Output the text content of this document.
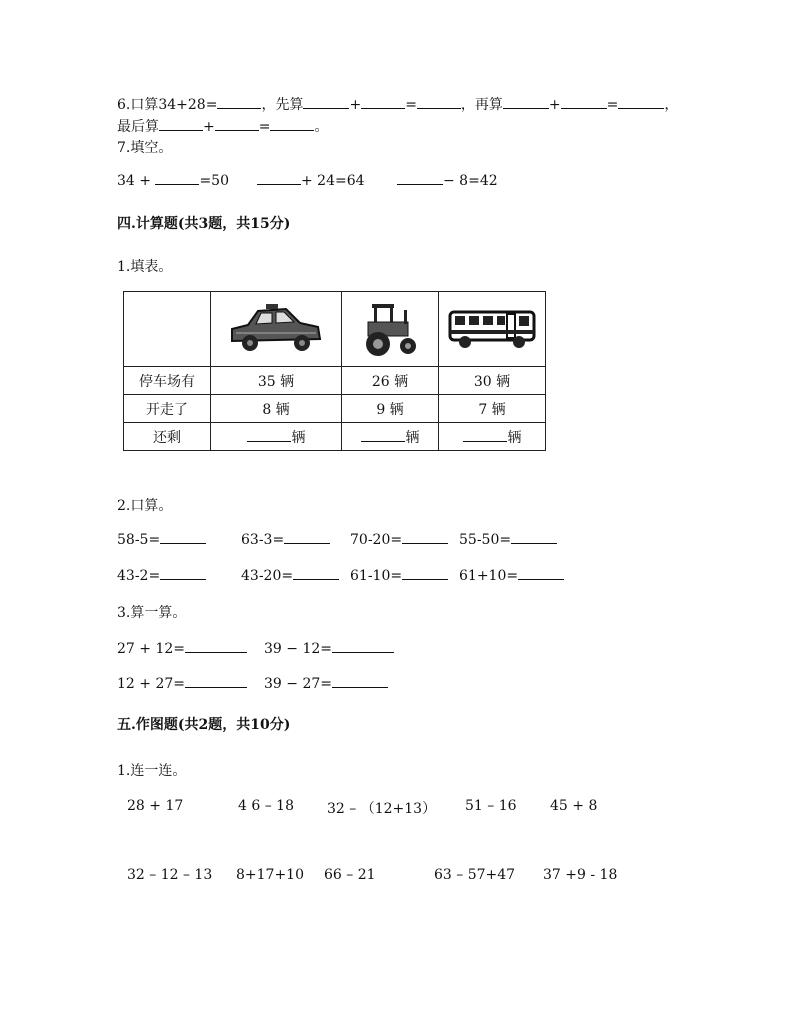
6.口算34+28=	，先算	+	=	，再算	+	=	，
最后算	+	=	。
7.填空。
34 +	=50	+ 24=64	− 8=42
四.计算题(共3题，共15分)
1.填表。

停车场有	35 辆	26 辆	30 辆
开走了	8 辆	9 辆	7 辆
还剩	辆	辆	辆
2.口算。
58-5=	63-3=	70-20=	55-50=
43-2=	43-20=	61-10=	61+10=
3.算一算。
27 + 12=	39 − 12=
12 + 27=	39 − 27=
五.作图题(共2题，共10分)
1.连一连。
28 + 17	4 6 – 18 32 – （12+13） 51 – 16 45 + 8
32 – 12 – 13 8+17+10 66 – 21	63 – 57+47 37 +9 - 18
